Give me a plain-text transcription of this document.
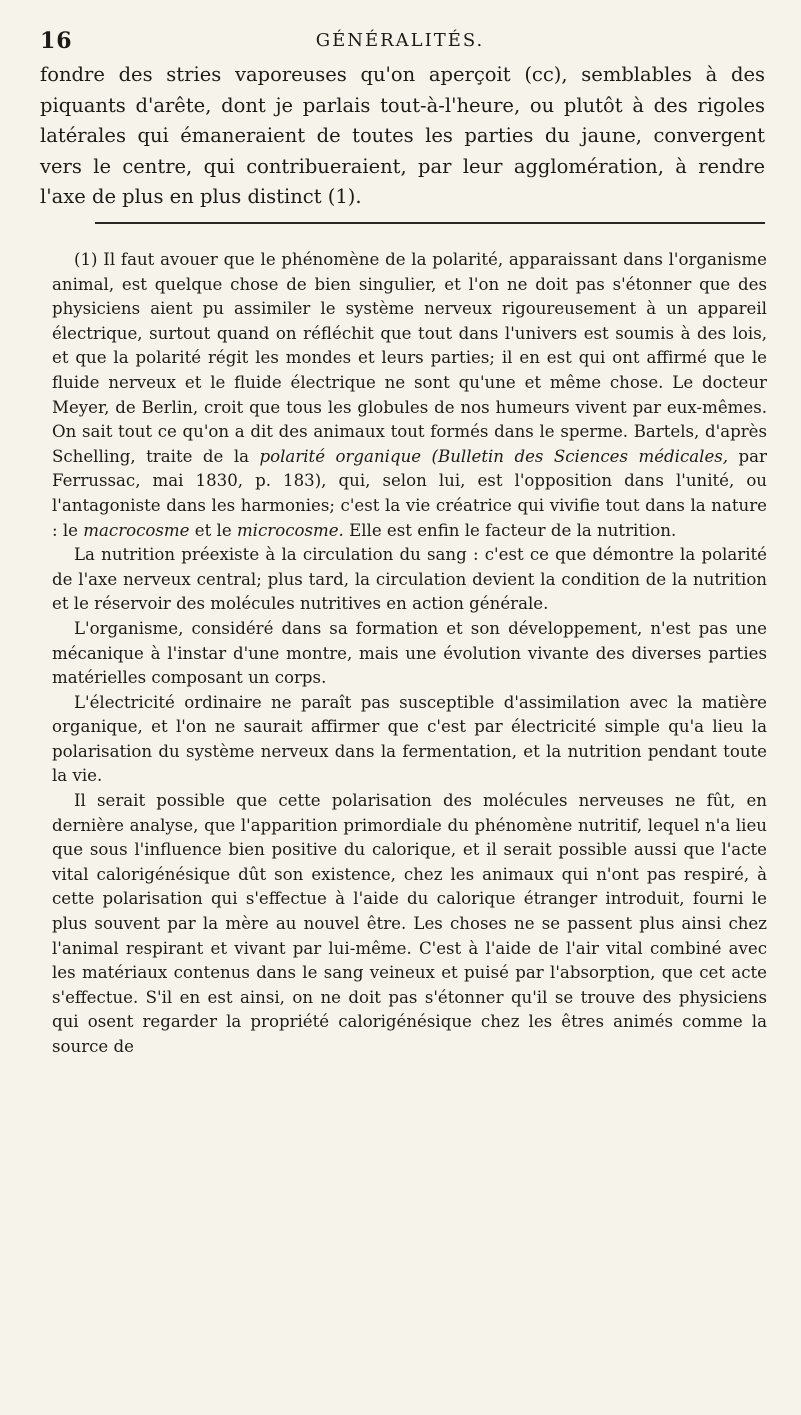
16	GÉNÉRALITÉS.
fondre des stries vaporeuses qu'on aperçoit (cc), semblables à des piquants d'arête, dont je parlais tout-à-l'heure, ou plutôt à des rigoles latérales qui émaneraient de toutes les parties du jaune, convergent vers le centre, qui contribueraient, par leur agglomération, à rendre l'axe de plus en plus distinct (1).

(1) Il faut avouer que le phénomène de la polarité, apparaissant dans l'organisme animal, est quelque chose de bien singulier, et l'on ne doit pas s'étonner que des physiciens aient pu assimiler le système nerveux rigoureusement à un appareil électrique, surtout quand on réfléchit que tout dans l'univers est soumis à des lois, et que la polarité régit les mondes et leurs parties; il en est qui ont affirmé que le fluide nerveux et le fluide électrique ne sont qu'une et même chose. Le docteur Meyer, de Berlin, croit que tous les globules de nos humeurs vivent par eux-mêmes. On sait tout ce qu'on a dit des animaux tout formés dans le sperme. Bartels, d'après Schelling, traite de la polarité organique (Bulletin des Sciences médicales, par Ferrussac, mai 1830, p. 183), qui, selon lui, est l'opposition dans l'unité, ou l'antagoniste dans les harmonies; c'est la vie créatrice qui vivifie tout dans la nature : le macrocosme et le microcosme. Elle est enfin le facteur de la nutrition.

La nutrition préexiste à la circulation du sang : c'est ce que démontre la polarité de l'axe nerveux central; plus tard, la circulation devient la condition de la nutrition et le réservoir des molécules nutritives en action générale.

L'organisme, considéré dans sa formation et son développement, n'est pas une mécanique à l'instar d'une montre, mais une évolution vivante des diverses parties matérielles composant un corps.

L'électricité ordinaire ne paraît pas susceptible d'assimilation avec la matière organique, et l'on ne saurait affirmer que c'est par électricité simple qu'a lieu la polarisation du système nerveux dans la fermentation, et la nutrition pendant toute la vie.

Il serait possible que cette polarisation des molécules nerveuses ne fût, en dernière analyse, que l'apparition primordiale du phénomène nutritif, lequel n'a lieu que sous l'influence bien positive du calorique, et il serait possible aussi que l'acte vital calorigénésique dût son existence, chez les animaux qui n'ont pas respiré, à cette polarisation qui s'effectue à l'aide du calorique étranger introduit, fourni le plus souvent par la mère au nouvel être. Les choses ne se passent plus ainsi chez l'animal respirant et vivant par lui-même. C'est à l'aide de l'air vital combiné avec les matériaux contenus dans le sang veineux et puisé par l'absorption, que cet acte s'effectue. S'il en est ainsi, on ne doit pas s'étonner qu'il se trouve des physiciens qui osent regarder la propriété calorigénésique chez les êtres animés comme la source de
